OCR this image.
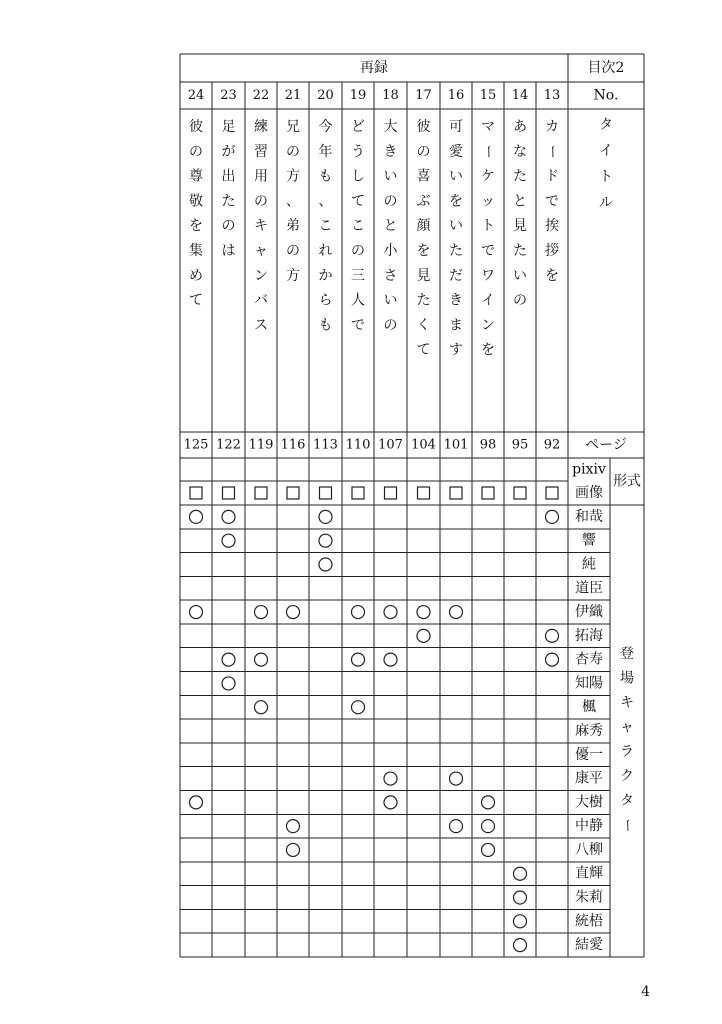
再録	目次2
No.
タ
イ
ト
ル
ページ
pixiv
画像
形式
登
場
キ
ャ
ラ
ク
タ
ー
24
彼
の
尊
敬
を
集
め
て
125
23
足
が
出
た
の
は
122
22
練
習
用
の
キ
ャ
ン
バ
ス
119
21
兄
の
方
、
弟
の
方
116
20
今
年
も
、
こ
れ
か
ら
も
113
19
ど
う
し
て
こ
の
三
人
で
110
18
大
き
い
の
と
小
さ
い
の
107
17
彼
の
喜
ぶ
顔
を
見
た
く
て
104
16
可
愛
い
を
い
た
だ
き
ま
す
101
15
マ
ー
ケ
ッ
ト
で
ワ
イ
ン
を
98
14
あ
な
た
と
見
た
い
の
95
13
カ
ー
ド
で
挨
拶
を
92
和哉
響
純
道臣
伊織
拓海
杏寿
知陽
楓
麻秀
優一
康平
大樹
中静
八柳
直輝
朱莉
統梧
結愛
4
